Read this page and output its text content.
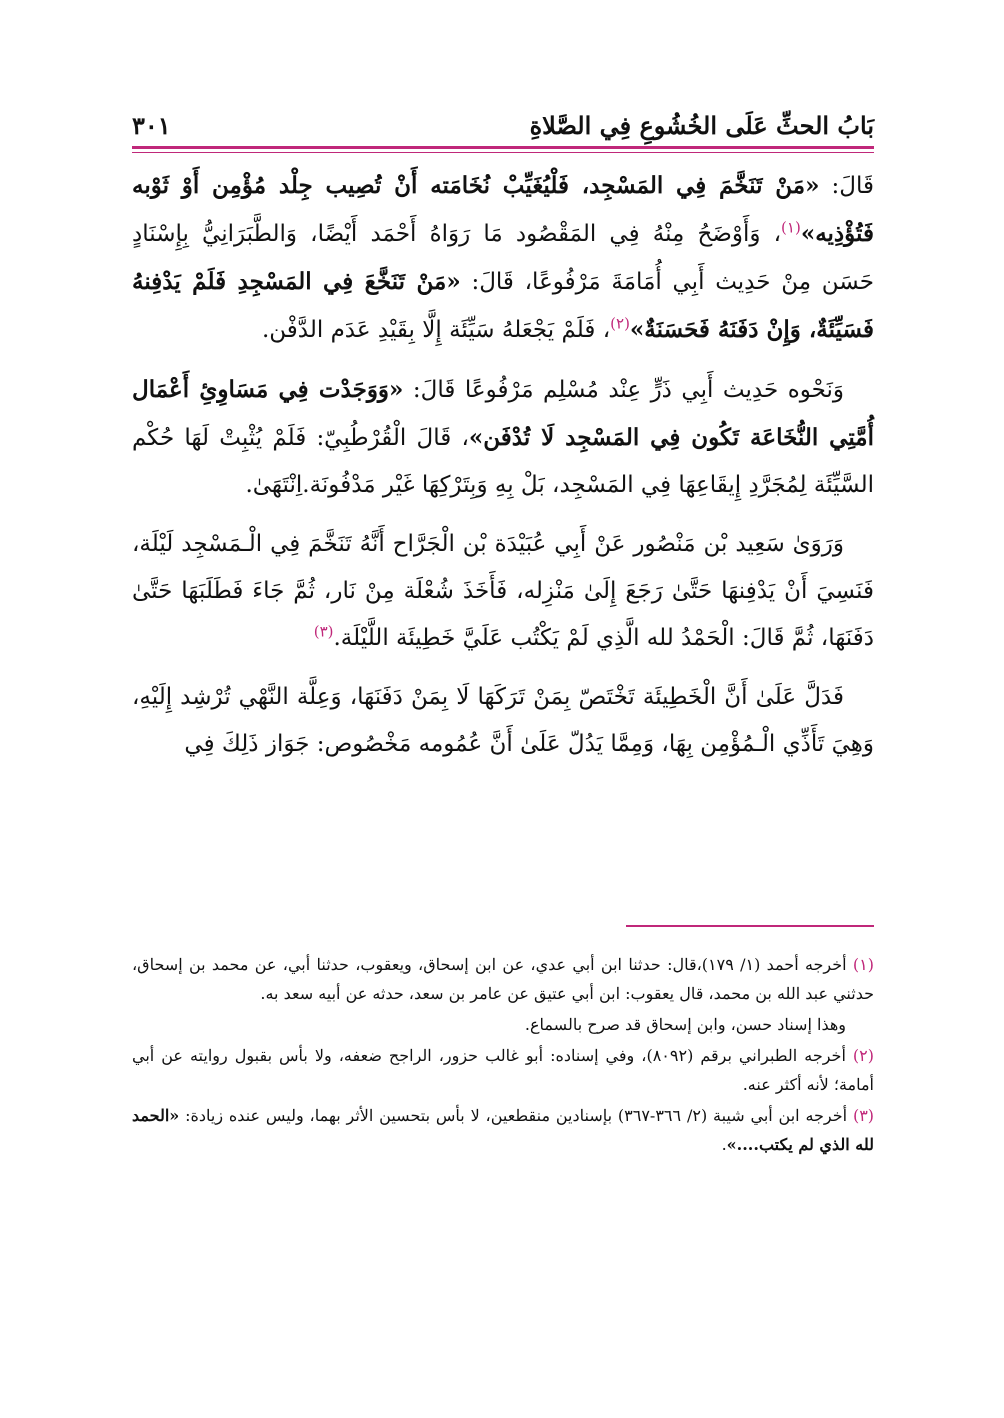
بَابُ الحثِّ عَلَى الخُشُوعِ فِي الصَّلاةِ
٣٠١

قَالَ: «مَنْ تَنَخَّمَ فِي المَسْجِد، فَلْيُغَيِّبْ نُخَامَته أَنْ تُصِيب جِلْد مُؤْمِن أَوْ ثَوْبه فَتُؤْذِيه»$^{(١)}$، وَأَوْضَحُ مِنْهُ فِي المَقْصُود مَا رَوَاهُ أَحْمَد أَيْضًا، وَالطَّبَرَانِيُّ بِإِسْنَادٍ حَسَن مِنْ حَدِيث أَبِي أُمَامَةَ مَرْفُوعًا، قَالَ: «مَنْ تَنَخَّعَ فِي المَسْجِدِ فَلَمْ يَدْفِنهُ فَسَيِّئَةٌ، وَإِنْ دَفَنَهُ فَحَسَنَةٌ»$^{(٢)}$، فَلَمْ يَجْعَلهُ سَيِّئَة إِلَّا بِقَيْدِ عَدَم الدَّفْن.

وَنَحْوه حَدِيث أَبِي ذَرٍّ عِنْد مُسْلِم مَرْفُوعًا قَالَ: «وَوَجَدْت فِي مَسَاوِئِ أَعْمَال أُمَّتِي النُّخَاعَة تَكُون فِي المَسْجِد لَا تُدْفَن»، قَالَ الْقُرْطُبِيّ: فَلَمْ يُثْبِتْ لَهَا حُكْم السَّيِّئَة لِمُجَرَّدِ إِيقَاعِهَا فِي المَسْجِد، بَلْ بِهِ وَبِتَرْكِهَا غَيْر مَدْفُونَة.اِنْتَهَىٰ.

وَرَوَىٰ سَعِيد بْن مَنْصُور عَنْ أَبِي عُبَيْدَة بْن الْجَرَّاح أَنَّهُ تَنَخَّمَ فِي الْـمَسْجِد لَيْلَة، فَنَسِيَ أَنْ يَدْفِنهَا حَتَّىٰ رَجَعَ إِلَىٰ مَنْزِله، فَأَخَذَ شُعْلَة مِنْ نَار، ثُمَّ جَاءَ فَطَلَبَهَا حَتَّىٰ دَفَنَهَا، ثُمَّ قَالَ: الْحَمْدُ لله الَّذِي لَمْ يَكْتُب عَلَيَّ خَطِيئَة اللَّيْلَة.$^{(٣)}$

فَدَلَّ عَلَىٰ أَنَّ الْخَطِيئَة تَخْتَصّ بِمَنْ تَرَكَهَا لَا بِمَنْ دَفَنَهَا، وَعِلَّة النَّهْي تُرْشِد إِلَيْهِ، وَهِيَ تَأَذِّي الْـمُؤْمِن بِهَا، وَمِمَّا يَدُلّ عَلَىٰ أَنَّ عُمُومه مَخْصُوص: جَوَاز ذَلِكَ فِي

(١) أخرجه أحمد (١/ ١٧٩)،قال: حدثنا ابن أبي عدي، عن ابن إسحاق، ويعقوب، حدثنا أبي، عن محمد بن إسحاق، حدثني عبد الله بن محمد، قال يعقوب: ابن أبي عتيق عن عامر بن سعد، حدثه عن أبيه سعد به.

وهذا إسناد حسن، وابن إسحاق قد صرح بالسماع.

(٢) أخرجه الطبراني برقم (٨٠٩٢)، وفي إسناده: أبو غالب حزور، الراجح ضعفه، ولا بأس بقبول روايته عن أبي أمامة؛ لأنه أكثر عنه.

(٣) أخرجه ابن أبي شيبة (٢/ ٣٦٦-٣٦٧) بإسنادين منقطعين، لا بأس بتحسين الأثر بهما، وليس عنده زيادة: «الحمد لله الذي لم يكتب....».
